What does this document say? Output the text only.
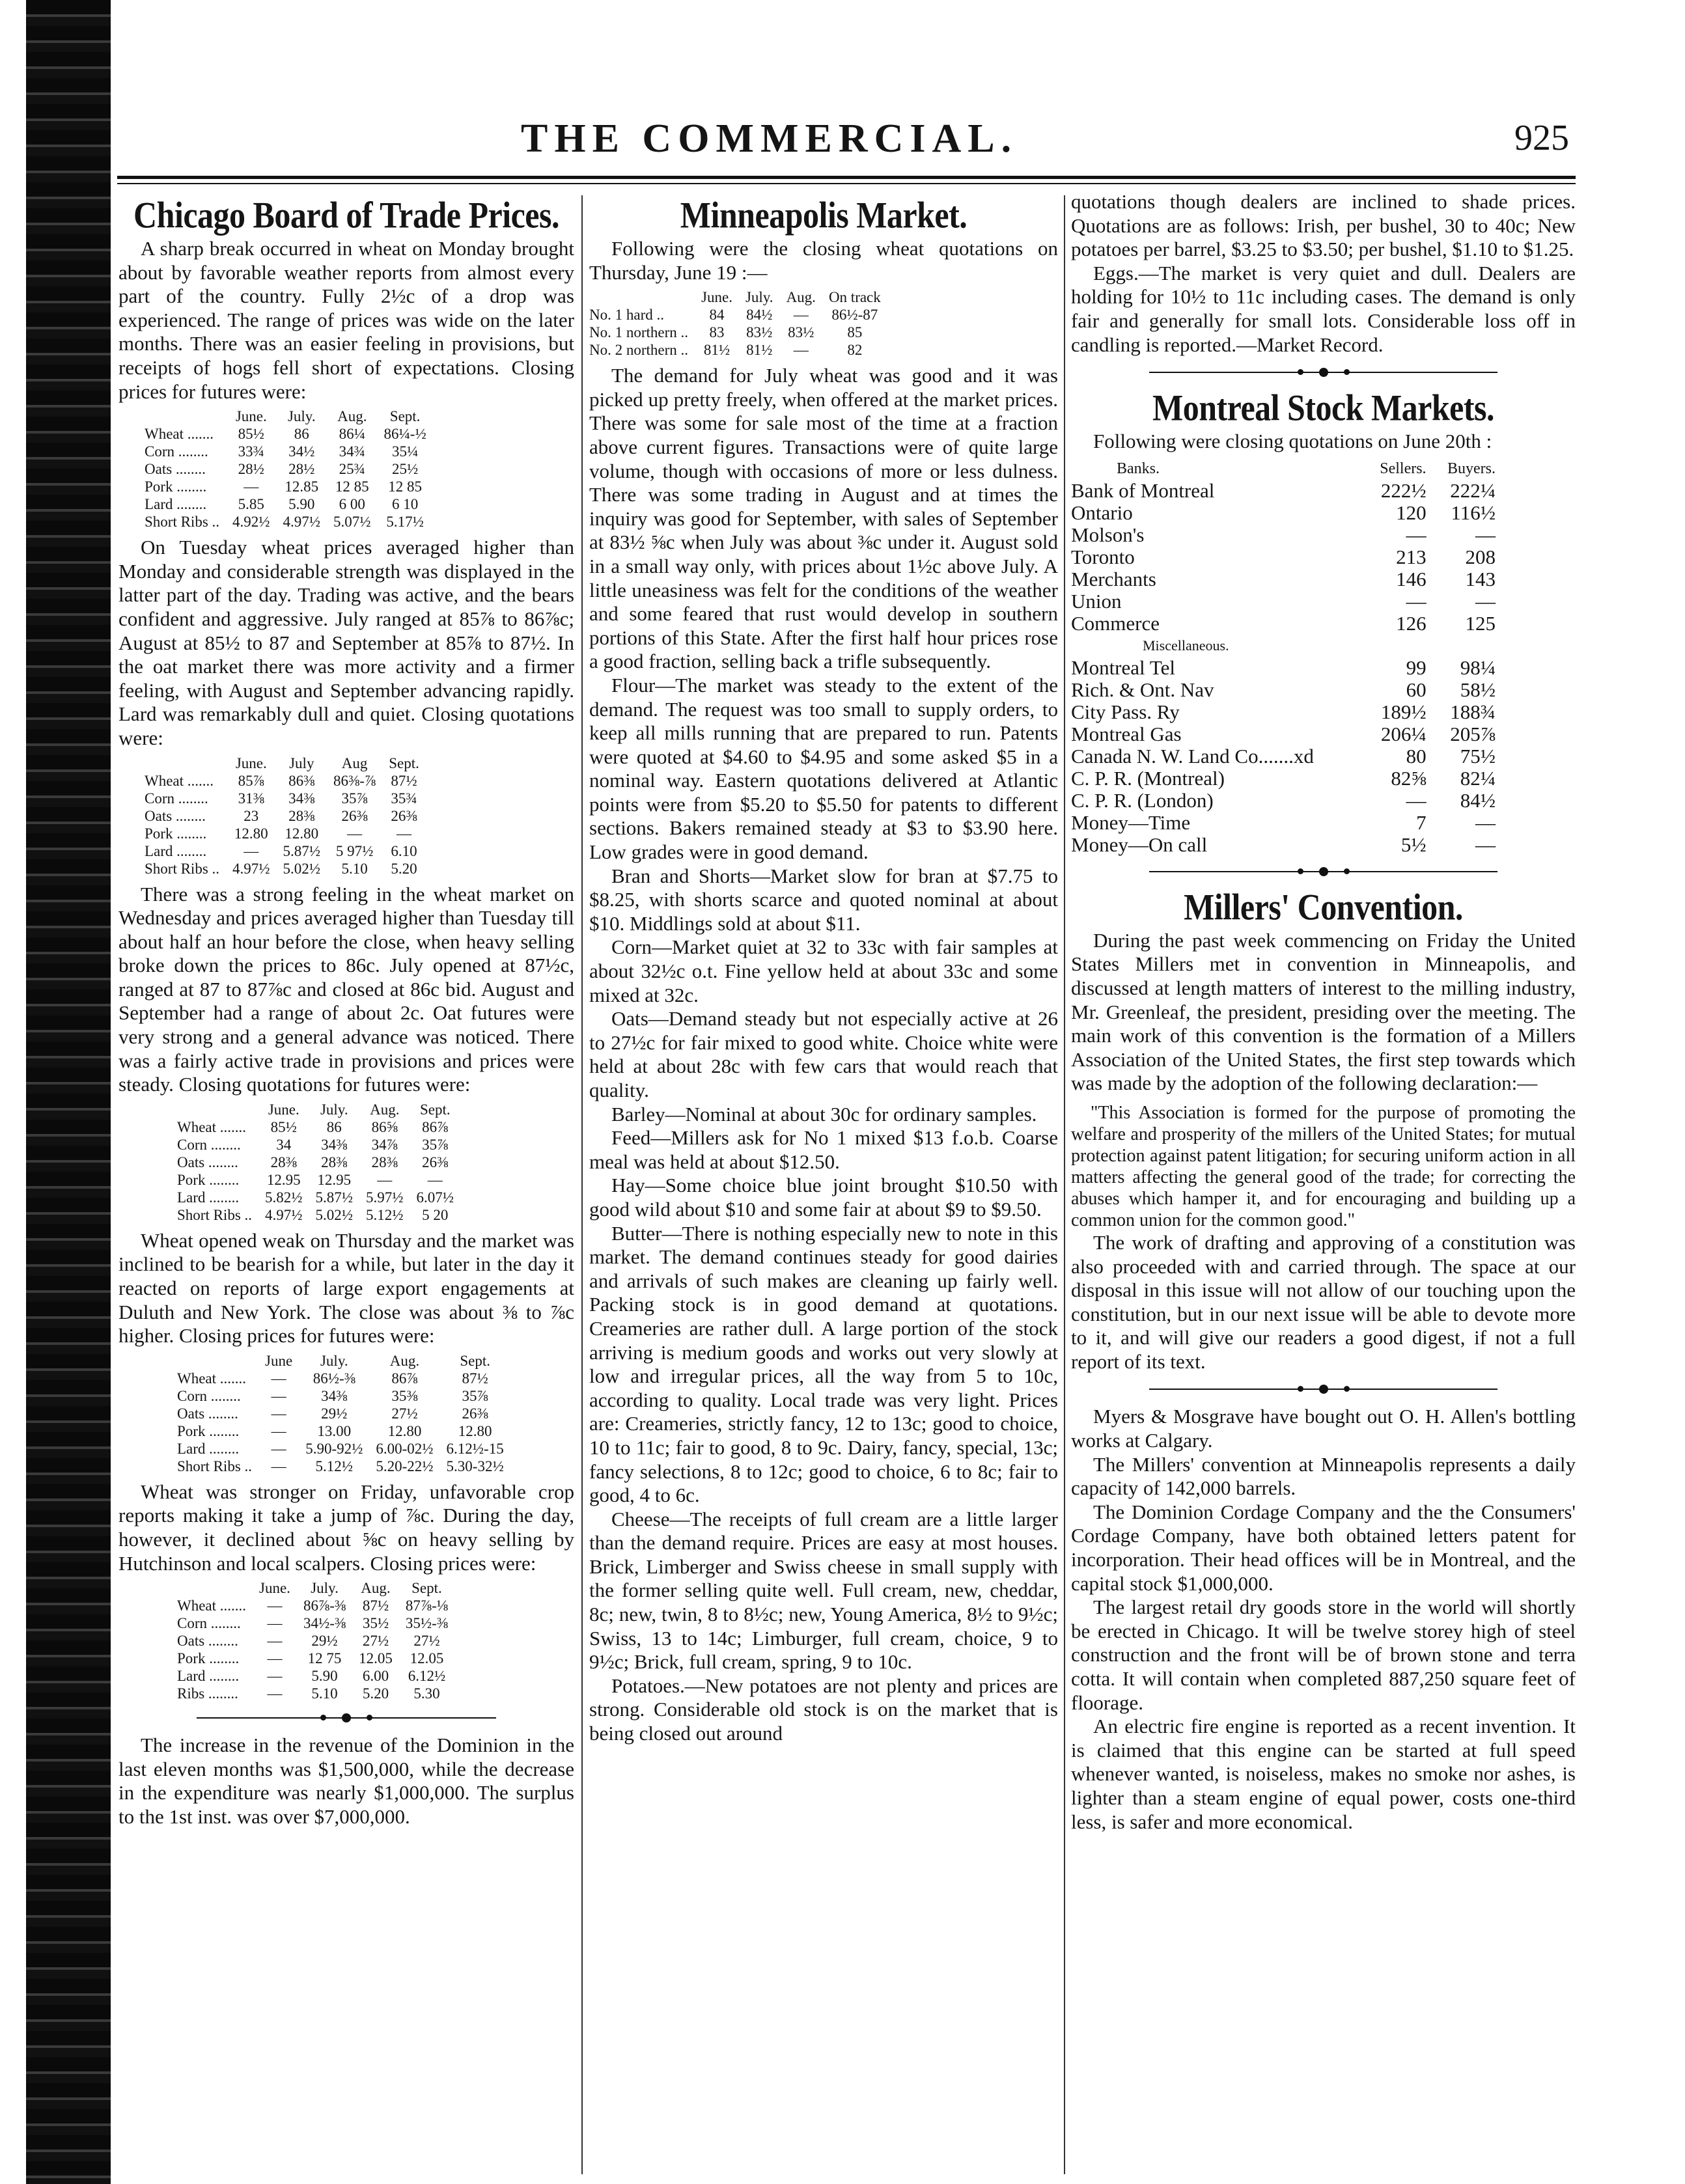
THE COMMERCIAL.	925
Chicago Board of Trade Prices.

A sharp break occurred in wheat on Monday brought about by favorable weather reports from almost every part of the country. Fully 2½c of a drop was experienced. The range of prices was wide on the later months. There was an easier feeling in provisions, but receipts of hogs fell short of expectations. Closing prices for futures were:

	June.	July.	Aug.	Sept.
Wheat .......	85½	86	86¼	86¼-½
Corn ........	33¾	34½	34¾	35¼
Oats ........	28½	28½	25¾	25½
Pork ........	—	12.85	12 85	12 85
Lard ........	5.85	5.90	6 00	6 10
Short Ribs ..	4.92½	4.97½	5.07½	5.17½

On Tuesday wheat prices averaged higher than Monday and considerable strength was displayed in the latter part of the day. Trading was active, and the bears confident and aggressive. July ranged at 85⅞ to 86⅞c; August at 85½ to 87 and September at 85⅞ to 87½. In the oat market there was more activity and a firmer feeling, with August and September advancing rapidly. Lard was remarkably dull and quiet. Closing quotations were:

	June.	July	Aug	Sept.
Wheat .......	85⅞	86⅜	86⅜-⅞	87½
Corn ........	31⅜	34⅜	35⅞	35¾
Oats ........	23	28⅜	26⅜	26⅜
Pork ........	12.80	12.80	—	—
Lard ........	—	5.87½	5 97½	6.10
Short Ribs ..	4.97½	5.02½	5.10	5.20

There was a strong feeling in the wheat market on Wednesday and prices averaged higher than Tuesday till about half an hour before the close, when heavy selling broke down the prices to 86c. July opened at 87½c, ranged at 87 to 87⅞c and closed at 86c bid. August and September had a range of about 2c. Oat futures were very strong and a general advance was noticed. There was a fairly active trade in provisions and prices were steady. Closing quotations for futures were:

	June.	July.	Aug.	Sept.
Wheat .......	85½	86	86⅝	86⅞
Corn ........	34	34⅜	34⅞	35⅞
Oats ........	28⅜	28⅜	28⅜	26⅜
Pork ........	12.95	12.95	—	—
Lard ........	5.82½	5.87½	5.97½	6.07½
Short Ribs ..	4.97½	5.02½	5.12½	5 20

Wheat opened weak on Thursday and the market was inclined to be bearish for a while, but later in the day it reacted on reports of large export engagements at Duluth and New York. The close was about ⅜ to ⅞c higher. Closing prices for futures were:

	June	July.	Aug.	Sept.
Wheat .......	—	86½-⅜	86⅞	87½
Corn ........	—	34⅜	35⅜	35⅞
Oats ........	—	29½	27½	26⅜
Pork ........	—	13.00	12.80	12.80
Lard ........	—	5.90-92½	6.00-02½	6.12½-15
Short Ribs ..	—	5.12½	5.20-22½	5.30-32½

Wheat was stronger on Friday, unfavorable crop reports making it take a jump of ⅞c. During the day, however, it declined about ⅝c on heavy selling by Hutchinson and local scalpers. Closing prices were:

	June.	July.	Aug.	Sept.
Wheat .......	—	86⅞-⅜	87½	87⅞-⅛
Corn ........	—	34½-⅜	35½	35½-⅜
Oats ........	—	29½	27½	27½
Pork ........	—	12 75	12.05	12.05
Lard ........	—	5.90	6.00	6.12½
Ribs ........	—	5.10	5.20	5.30

The increase in the revenue of the Dominion in the last eleven months was $1,500,000, while the decrease in the expenditure was nearly $1,000,000. The surplus to the 1st inst. was over $7,000,000.

Minneapolis Market.

Following were the closing wheat quotations on Thursday, June 19 :—

	June.	July.	Aug.	On track
No. 1 hard ..	84	84½	—	86½-87
No. 1 northern ..	83	83½	83½	85
No. 2 northern ..	81½	81½	—	82

The demand for July wheat was good and it was picked up pretty freely, when offered at the market prices. There was some for sale most of the time at a fraction above current figures. Transactions were of quite large volume, though with occasions of more or less dulness. There was some trading in August and at times the inquiry was good for September, with sales of September at 83½ ⅝c when July was about ⅜c under it. August sold in a small way only, with prices about 1½c above July. A little uneasiness was felt for the conditions of the weather and some feared that rust would develop in southern portions of this State. After the first half hour prices rose a good fraction, selling back a trifle subsequently.

Flour—The market was steady to the extent of the demand. The request was too small to supply orders, to keep all mills running that are prepared to run. Patents were quoted at $4.60 to $4.95 and some asked $5 in a nominal way. Eastern quotations delivered at Atlantic points were from $5.20 to $5.50 for patents to different sections. Bakers remained steady at $3 to $3.90 here. Low grades were in good demand.

Bran and Shorts—Market slow for bran at $7.75 to $8.25, with shorts scarce and quoted nominal at about $10. Middlings sold at about $11.

Corn—Market quiet at 32 to 33c with fair samples at about 32½c o.t. Fine yellow held at about 33c and some mixed at 32c.

Oats—Demand steady but not especially active at 26 to 27½c for fair mixed to good white. Choice white were held at about 28c with few cars that would reach that quality.

Barley—Nominal at about 30c for ordinary samples.

Feed—Millers ask for No 1 mixed $13 f.o.b. Coarse meal was held at about $12.50.

Hay—Some choice blue joint brought $10.50 with good wild about $10 and some fair at about $9 to $9.50.

Butter—There is nothing especially new to note in this market. The demand continues steady for good dairies and arrivals of such makes are cleaning up fairly well. Packing stock is in good demand at quotations. Creameries are rather dull. A large portion of the stock arriving is medium goods and works out very slowly at low and irregular prices, all the way from 5 to 10c, according to quality. Local trade was very light. Prices are: Creameries, strictly fancy, 12 to 13c; good to choice, 10 to 11c; fair to good, 8 to 9c. Dairy, fancy, special, 13c; fancy selections, 8 to 12c; good to choice, 6 to 8c; fair to good, 4 to 6c.

Cheese—The receipts of full cream are a little larger than the demand require. Prices are easy at most houses. Brick, Limberger and Swiss cheese in small supply with the former selling quite well. Full cream, new, cheddar, 8c; new, twin, 8 to 8½c; new, Young America, 8½ to 9½c; Swiss, 13 to 14c; Limburger, full cream, choice, 9 to 9½c; Brick, full cream, spring, 9 to 10c.

Potatoes.—New potatoes are not plenty and prices are strong. Considerable old stock is on the market that is being closed out around

quotations though dealers are inclined to shade prices. Quotations are as follows: Irish, per bushel, 30 to 40c; New potatoes per barrel, $3.25 to $3.50; per bushel, $1.10 to $1.25.

Eggs.—The market is very quiet and dull. Dealers are holding for 10½ to 11c including cases. The demand is only fair and generally for small lots. Considerable loss off in candling is reported.—Market Record.

Montreal Stock Markets.

Following were closing quotations on June 20th :

Banks.	Sellers.	Buyers.
Bank of Montreal	222½	222¼
Ontario	120	116½
Molson's	—	—
Toronto	213	208
Merchants	146	143
Union	—	—
Commerce	126	125
Miscellaneous.		
Montreal Tel	99	98¼
Rich. & Ont. Nav	60	58½
City Pass. Ry	189½	188¾
Montreal Gas	206¼	205⅞
Canada N. W. Land Co.......xd	80	75½
C. P. R. (Montreal)	82⅝	82¼
C. P. R. (London)	—	84½
Money—Time	7	—
Money—On call	5½	—
Millers' Convention.

During the past week commencing on Friday the United States Millers met in convention in Minneapolis, and discussed at length matters of interest to the milling industry, Mr. Greenleaf, the president, presiding over the meeting. The main work of this convention is the formation of a Millers Association of the United States, the first step towards which was made by the adoption of the following declaration:—

"This Association is formed for the purpose of promoting the welfare and prosperity of the millers of the United States; for mutual protection against patent litigation; for securing uniform action in all matters affecting the general good of the trade; for correcting the abuses which hamper it, and for encouraging and building up a common union for the common good."

The work of drafting and approving of a constitution was also proceeded with and carried through. The space at our disposal in this issue will not allow of our touching upon the constitution, but in our next issue will be able to devote more to it, and will give our readers a good digest, if not a full report of its text.

Myers & Mosgrave have bought out O. H. Allen's bottling works at Calgary.

The Millers' convention at Minneapolis represents a daily capacity of 142,000 barrels.

The Dominion Cordage Company and the the Consumers' Cordage Company, have both obtained letters patent for incorporation. Their head offices will be in Montreal, and the capital stock $1,000,000.

The largest retail dry goods store in the world will shortly be erected in Chicago. It will be twelve storey high of steel construction and the front will be of brown stone and terra cotta. It will contain when completed 887,250 square feet of floorage.

An electric fire engine is reported as a recent invention. It is claimed that this engine can be started at full speed whenever wanted, is noiseless, makes no smoke nor ashes, is lighter than a steam engine of equal power, costs one-third less, is safer and more economical.
